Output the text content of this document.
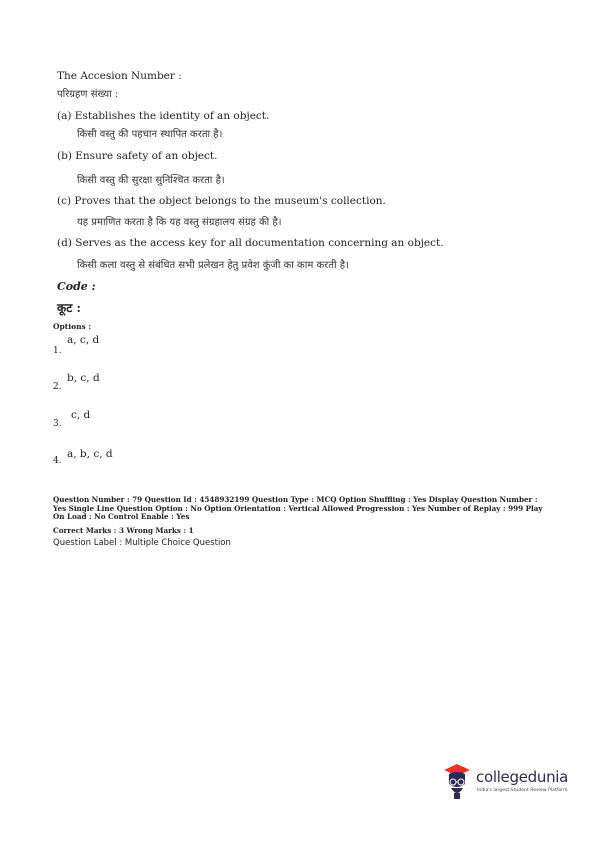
The Accesion Number :
परिग्रहण संख्या :
(a) Establishes the identity of an object.
किसी वस्तु की पहचान स्थापित करता है।
(b) Ensure safety of an object.
किसी वस्तु की सुरक्षा सुनिश्चित करता है।
(c) Proves that the object belongs to the museum's collection.
यह प्रमाणित करता है कि यह वस्तु संग्रहालय संग्रह की है।
(d) Serves as the access key for all documentation concerning an object.
किसी कला वस्तु से संबंधित सभी प्रलेखन हेतु प्रवेश कुंजी का काम करती है।
Code :
कूट :
Options :
1.
a, c, d
2.
b, c, d
3.
c, d
4.
a, b, c, d
Question Number : 79 Question Id : 4548932199 Question Type : MCQ Option Shuffling : Yes Display Question Number : Yes Single Line Question Option : No Option Orientation : Vertical Allowed Progression : Yes Number of Replay : 999 Play On Load : No Control Enable : Yes
Correct Marks : 3 Wrong Marks : 1
Question Label : Multiple Choice Question
collegedunia
India's largest Student Review Platform
